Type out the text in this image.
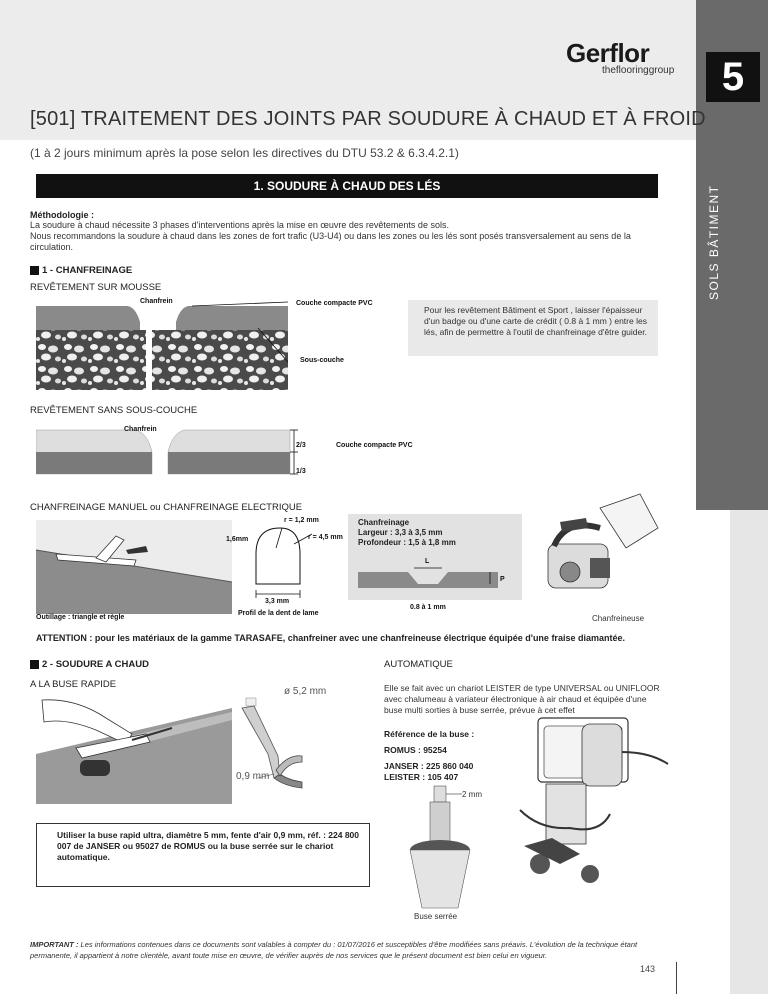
5
SOLS BÂTIMENT
Gerflor
theflooringgroup
[501] TRAITEMENT DES JOINTS PAR SOUDURE À CHAUD ET À FROID
(1 à 2 jours minimum après la pose selon les directives du DTU 53.2 & 6.3.4.2.1)
1. SOUDURE À CHAUD DES LÉS
Méthodologie :
La soudure à chaud nécessite 3 phases d'interventions après la mise en œuvre des revêtements de sols.
Nous recommandons la soudure à chaud dans les zones de fort trafic (U3-U4) ou dans les zones ou les lés sont posés transversalement au sens de la circulation.
1 - CHANFREINAGE
REVÊTEMENT SUR MOUSSE
Chanfrein	Couche compacte PVC
Sous-couche
Pour les revêtement Bâtiment et Sport , laisser l'épaisseur d'un badge ou d'une carte de crédit ( 0.8 à 1 mm ) entre les lés, afin de permettre à l'outil de chanfreinage d'être guider.
REVÊTEMENT SANS SOUS-COUCHE
Chanfrein
2/3	Couche compacte PVC
1/3
CHANFREINAGE MANUEL ou CHANFREINAGE ELECTRIQUE
Outillage : triangle et règle
r = 1,2 mm
1,6mm	r = 4,5 mm
3,3 mm
Profil de la dent de lame
Chanfreinage
Largeur : 3,3 à 3,5 mm
Profondeur : 1,5 à 1,8 mm
L
P
0.8 à 1 mm
Chanfreineuse
ATTENTION : pour les matériaux de la gamme TARASAFE, chanfreiner avec une chanfreineuse électrique équipée d'une fraise diamantée.
2 - SOUDURE A CHAUD	AUTOMATIQUE
A LA BUSE RAPIDE
ø 5,2 mm
0,9 mm
Elle se fait avec un chariot LEISTER de type UNIVERSAL ou UNIFLOOR avec chalumeau à variateur électronique à air chaud et équipée d'une buse multi sorties à buse serrée, prévue à cet effet
Référence de la buse :
ROMUS : 95254
JANSER : 225 860 040
LEISTER : 105 407
2 mm
Buse serrée
Utiliser la buse rapid ultra, diamètre 5 mm, fente d'air 0,9 mm, réf. : 224 800 007 de JANSER ou 95027 de ROMUS ou la buse serrée sur le chariot automatique.
IMPORTANT : Les informations contenues dans ce documents sont valables à compter du : 01/07/2016 et susceptibles d'être modifiées sans préavis. L'évolution de la technique étant permanente, il appartient à notre clientèle, avant toute mise en œuvre, de vérifier auprès de nos services que le présent document est bien celui en vigueur.
143
